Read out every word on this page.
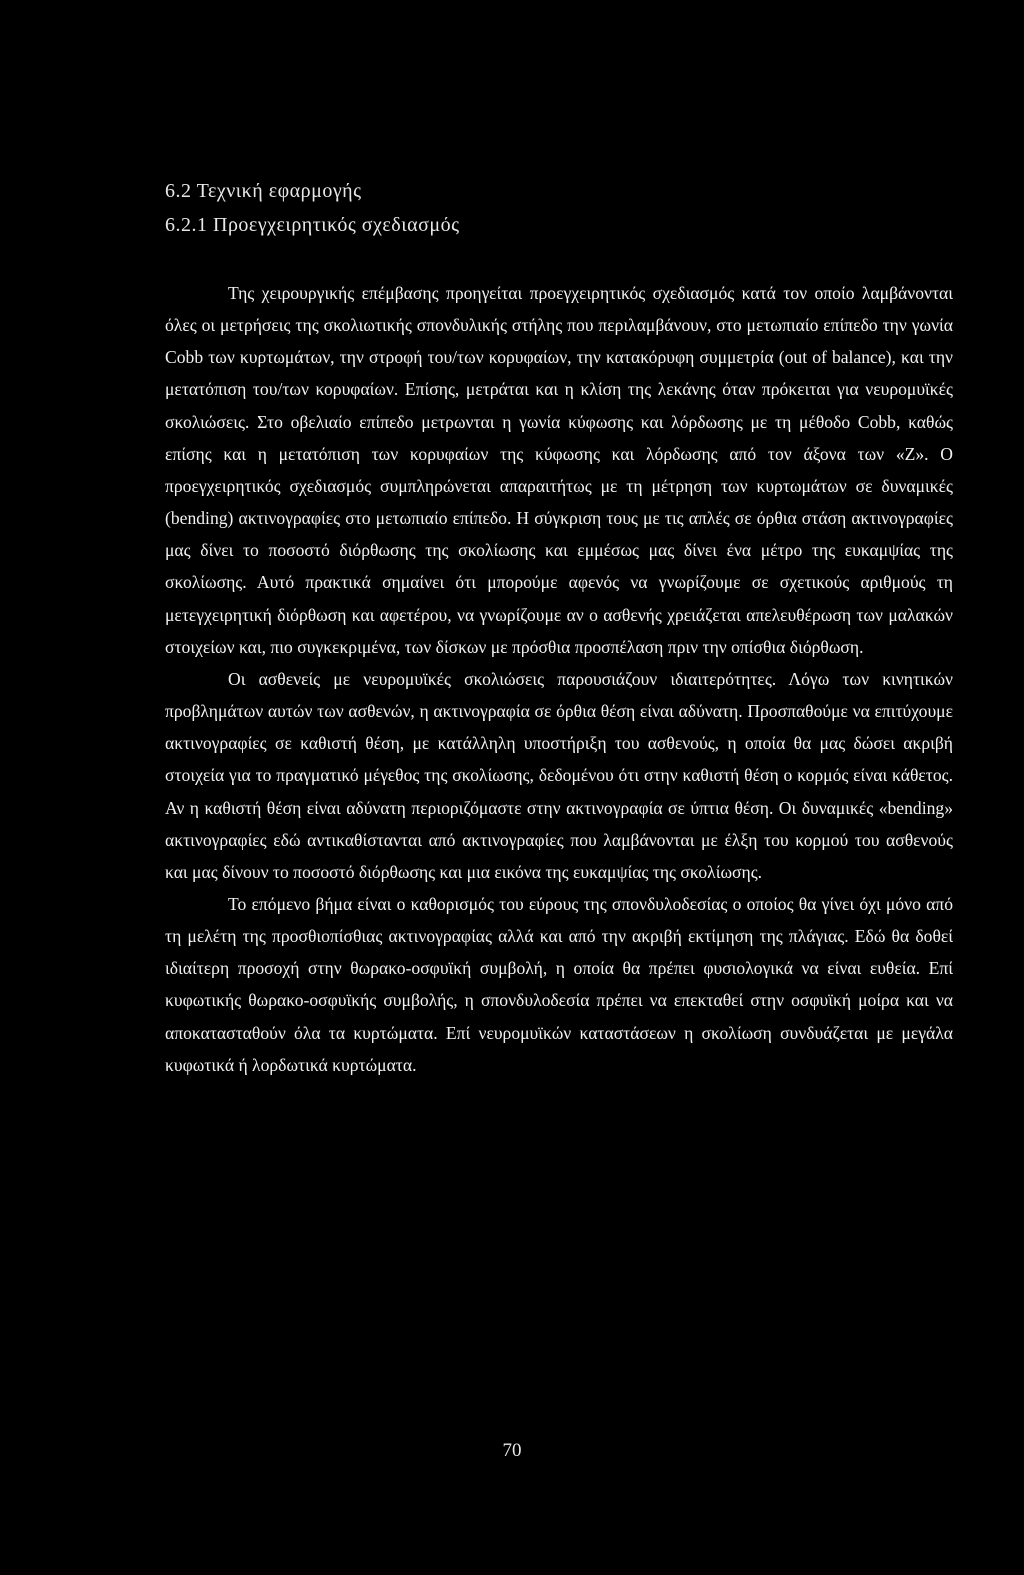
6.2 Τεχνική εφαρμογής
6.2.1 Προεγχειρητικός σχεδιασμός

Της χειρουργικής επέμβασης προηγείται προεγχειρητικός σχεδιασμός κατά τον οποίο λαμβάνονται όλες οι μετρήσεις της σκολιωτικής σπονδυλικής στήλης που περιλαμβάνουν, στο μετωπιαίο επίπεδο την γωνία Cobb των κυρτωμάτων, την στροφή του/των κορυφαίων, την κατακόρυφη συμμετρία (out of balance), και την μετατόπιση του/των κορυφαίων. Επίσης, μετράται και η κλίση της λεκάνης όταν πρόκειται για νευρομυϊκές σκολιώσεις. Στο οβελιαίο επίπεδο μετρωνται η γωνία κύφωσης και λόρδωσης με τη μέθοδο Cobb, καθώς επίσης και η μετατόπιση των κορυφαίων της κύφωσης και λόρδωσης από τον άξονα των «Z». Ο προεγχειρητικός σχεδιασμός συμπληρώνεται απαραιτήτως με τη μέτρηση των κυρτωμάτων σε δυναμικές (bending) ακτινογραφίες στο μετωπιαίο επίπεδο. Η σύγκριση τους με τις απλές σε όρθια στάση ακτινογραφίες μας δίνει το ποσοστό διόρθωσης της σκολίωσης και εμμέσως μας δίνει ένα μέτρο της ευκαμψίας της σκολίωσης. Αυτό πρακτικά σημαίνει ότι μπορούμε αφενός να γνωρίζουμε σε σχετικούς αριθμούς τη μετεγχειρητική διόρθωση και αφετέρου, να γνωρίζουμε αν ο ασθενής χρειάζεται απελευθέρωση των μαλακών στοιχείων και, πιο συγκεκριμένα, των δίσκων με πρόσθια προσπέλαση πριν την οπίσθια διόρθωση.

Οι ασθενείς με νευρομυϊκές σκολιώσεις παρουσιάζουν ιδιαιτερότητες. Λόγω των κινητικών προβλημάτων αυτών των ασθενών, η ακτινογραφία σε όρθια θέση είναι αδύνατη. Προσπαθούμε να επιτύχουμε ακτινογραφίες σε καθιστή θέση, με κατάλληλη υποστήριξη του ασθενούς, η οποία θα μας δώσει ακριβή στοιχεία για το πραγματικό μέγεθος της σκολίωσης, δεδομένου ότι στην καθιστή θέση ο κορμός είναι κάθετος. Αν η καθιστή θέση είναι αδύνατη περιοριζόμαστε στην ακτινογραφία σε ύπτια θέση. Οι δυναμικές «bending» ακτινογραφίες εδώ αντικαθίστανται από ακτινογραφίες που λαμβάνονται με έλξη του κορμού του ασθενούς και μας δίνουν το ποσοστό διόρθωσης και μια εικόνα της ευκαμψίας της σκολίωσης.

Το επόμενο βήμα είναι ο καθορισμός του εύρους της σπονδυλοδεσίας ο οποίος θα γίνει όχι μόνο από τη μελέτη της προσθιοπίσθιας ακτινογραφίας αλλά και από την ακριβή εκτίμηση της πλάγιας. Εδώ θα δοθεί ιδιαίτερη προσοχή στην θωρακο-οσφυϊκή συμβολή, η οποία θα πρέπει φυσιολογικά να είναι ευθεία. Επί κυφωτικής θωρακο-οσφυϊκής συμβολής, η σπονδυλοδεσία πρέπει να επεκταθεί στην οσφυϊκή μοίρα και να αποκατασταθούν όλα τα κυρτώματα. Επί νευρομυϊκών καταστάσεων η σκολίωση συνδυάζεται με μεγάλα κυφωτικά ή λορδωτικά κυρτώματα.

70
